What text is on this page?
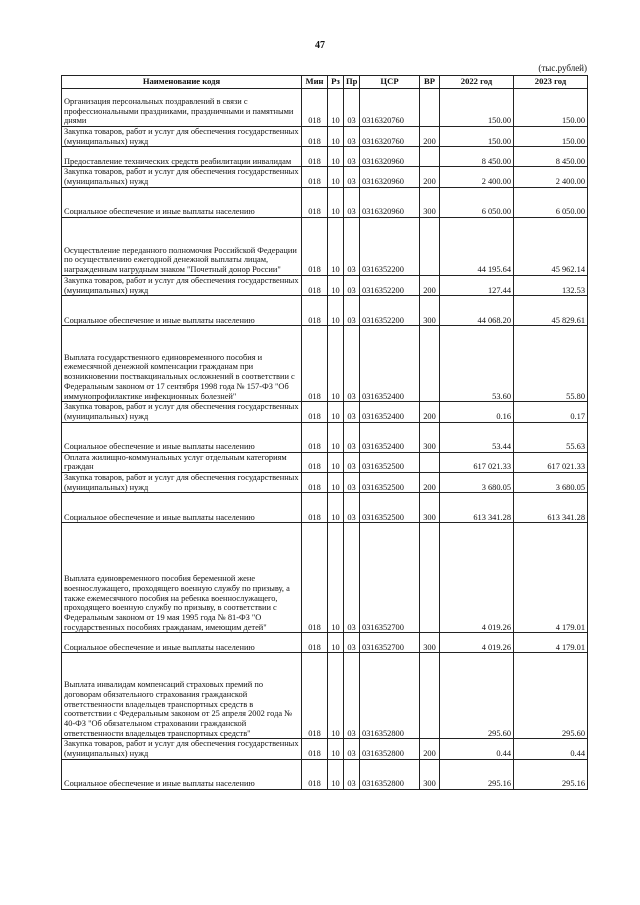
47
(тыс.рублей)
Наименование кодя	Мин	Рз	Пр	ЦСР	ВР	2022 год	2023 год
Организация персональных поздравлений в связи с профессиональными праздниками, праздничными и памятными днями	018	10	03	0316320760		150.00	150.00
Закупка товаров, работ и услуг для обеспечения государственных (муниципальных) нужд	018	10	03	0316320760	200	150.00	150.00
Предоставление технических средств реабилитации инвалидам	018	10	03	0316320960		8 450.00	8 450.00
Закупка товаров, работ и услуг для обеспечения государственных (муниципальных) нужд	018	10	03	0316320960	200	2 400.00	2 400.00
Социальное обеспечение и иные выплаты населению	018	10	03	0316320960	300	6 050.00	6 050.00
Осуществление переданного полномочия Российской Федерации по осуществлению ежегодной денежной выплаты лицам, награжденным нагрудным знаком "Почетный донор России"	018	10	03	0316352200		44 195.64	45 962.14
Закупка товаров, работ и услуг для обеспечения государственных (муниципальных) нужд	018	10	03	0316352200	200	127.44	132.53
Социальное обеспечение и иные выплаты населению	018	10	03	0316352200	300	44 068.20	45 829.61
Выплата государственного единовременного пособия и ежемесячной денежной компенсации гражданам при возникновении поствакцинальных осложнений в соответствии с Федеральным законом от 17 сентября 1998 года № 157-ФЗ "Об иммунопрофилактике инфекционных болезней"	018	10	03	0316352400		53.60	55.80
Закупка товаров, работ и услуг для обеспечения государственных (муниципальных) нужд	018	10	03	0316352400	200	0.16	0.17
Социальное обеспечение и иные выплаты населению	018	10	03	0316352400	300	53.44	55.63
Оплата жилищно-коммунальных услуг отдельным категориям граждан	018	10	03	0316352500		617 021.33	617 021.33
Закупка товаров, работ и услуг для обеспечения государственных (муниципальных) нужд	018	10	03	0316352500	200	3 680.05	3 680.05
Социальное обеспечение и иные выплаты населению	018	10	03	0316352500	300	613 341.28	613 341.28
Выплата единовременного пособия беременной жене военнослужащего, проходящего военную службу по призыву, а также ежемесячного пособия на ребенка военнослужащего, проходящего военную службу по призыву, в соответствии с Федеральным законом от 19 мая 1995 года № 81-ФЗ "О государственных пособиях гражданам, имеющим детей"	018	10	03	0316352700		4 019.26	4 179.01
Социальное обеспечение и иные выплаты населению	018	10	03	0316352700	300	4 019.26	4 179.01
Выплата инвалидам компенсаций страховых премий по договорам обязательного страхования гражданской ответственности владельцев транспортных средств в соответствии с Федеральным законом от 25 апреля 2002 года № 40-ФЗ "Об обязательном страховании гражданской ответственности владельцев транспортных средств"	018	10	03	0316352800		295.60	295.60
Закупка товаров, работ и услуг для обеспечения государственных (муниципальных) нужд	018	10	03	0316352800	200	0.44	0.44
Социальное обеспечение и иные выплаты населению	018	10	03	0316352800	300	295.16	295.16
